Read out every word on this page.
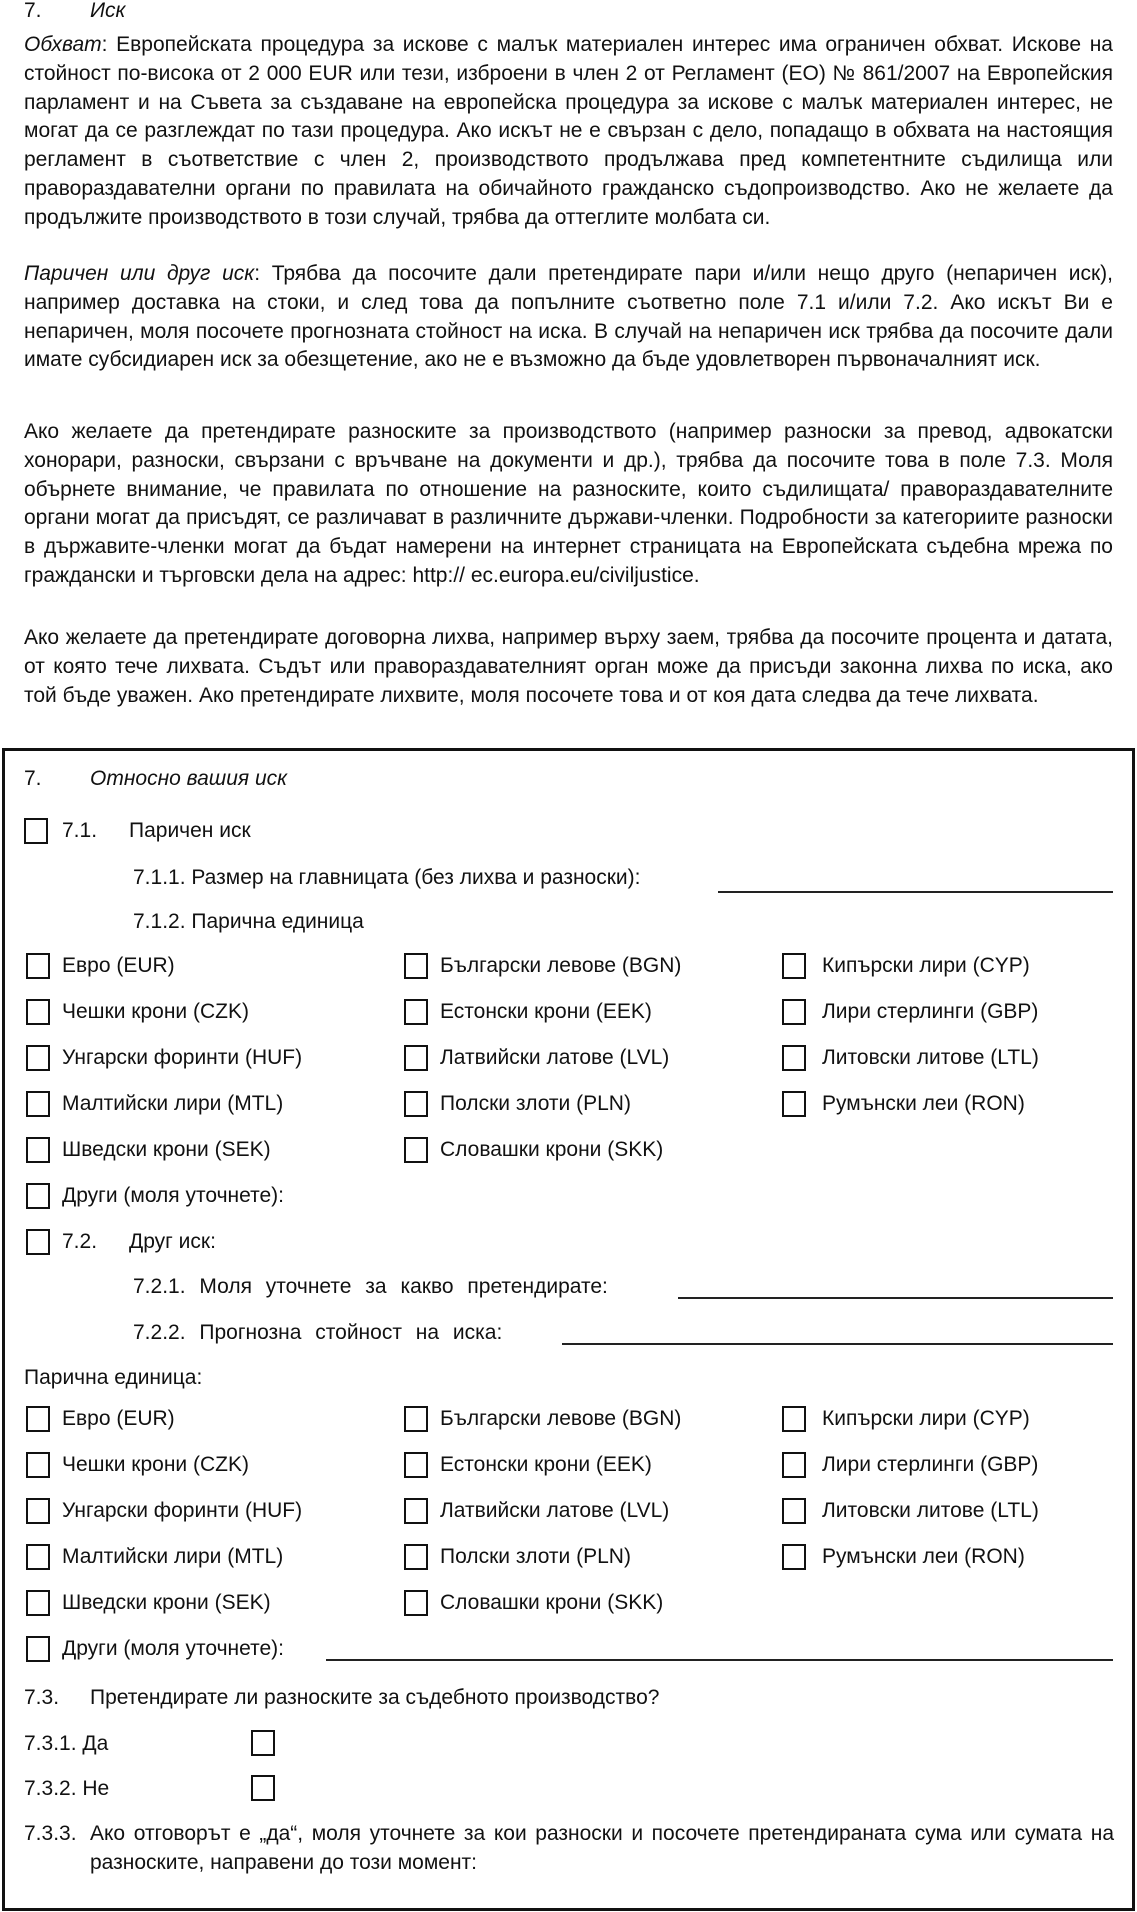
7. Иск

Обхват: Европейската процедура за искове с малък материален интерес има ограничен обхват. Искове на стойност по-висока от 2 000 EUR или тези, изброени в член 2 от Регламент (ЕО) № 861/2007 на Европейския парламент и на Съвета за създаване на европейска процедура за искове с малък материален интерес, не могат да се разглеждат по тази процедура. Ако искът не е свързан с дело, попадащо в обхвата на настоящия регламент в съответствие с член 2, производството продължава пред компетентните съдилища или правораздавателни органи по правилата на обичайното гражданско съдопроизводство. Ако не желаете да продължите производството в този случай, трябва да оттеглите молбата си.

Паричен или друг иск: Трябва да посочите дали претендирате пари и/или нещо друго (непаричен иск), например доставка на стоки, и след това да попълните съответно поле 7.1 и/или 7.2. Ако искът Ви е непаричен, моля посочете прогнозната стойност на иска. В случай на непаричен иск трябва да посочите дали имате субсидиарен иск за обезщетение, ако не е възможно да бъде удовлетворен първоначалният иск.

Ако желаете да претендирате разноските за производството (например разноски за превод, адвокатски хонорари, разноски, свързани с връчване на документи и др.), трябва да посочите това в поле 7.3. Моля обърнете внимание, че правилата по отношение на разноските, които съдилищата/ правораздавателните органи могат да присъдят, се различават в различните държави-членки. Подробности за категориите разноски в държавите-членки могат да бъдат намерени на интернет страницата на Европейската съдебна мрежа по граждански и търговски дела на адрес: http:// ec.europa.eu/civiljustice.

Ако желаете да претендирате договорна лихва, например върху заем, трябва да посочите процента и датата, от която тече лихвата. Съдът или правораздавателният орган може да присъди законна лихва по иска, ако той бъде уважен. Ако претендирате лихвите, моля посочете това и от коя дата следва да тече лихвата.

7. Относно вашия иск
7.1. Паричен иск
7.1.1. Размер на главницата (без лихва и разноски):
7.1.2. Парична единица
Евро (EUR)	Български левове (BGN)	Кипърски лири (CYP)
Чешки крони (CZK)	Естонски крони (EEK)	Лири стерлинги (GBP)
Унгарски форинти (HUF)	Латвийски латове (LVL)	Литовски литове (LTL)
Малтийски лири (MTL)	Полски злоти (PLN)	Румънски леи (RON)
Шведски крони (SEK)	Словашки крони (SKK)
Други (моля уточнете):
7.2. Друг иск:
7.2.1. Моля уточнете за какво претендирате:
7.2.2. Прогнозна стойност на иска:
Парична единица:
Евро (EUR)	Български левове (BGN)	Кипърски лири (CYP)
Чешки крони (CZK)	Естонски крони (EEK)	Лири стерлинги (GBP)
Унгарски форинти (HUF)	Латвийски латове (LVL)	Литовски литове (LTL)
Малтийски лири (MTL)	Полски злоти (PLN)	Румънски леи (RON)
Шведски крони (SEK)	Словашки крони (SKK)
Други (моля уточнете):
7.3. Претендирате ли разноските за съдебното производство?
7.3.1. Да
7.3.2. Не
7.3.3. Ако отговорът е „да“, моля уточнете за кои разноски и посочете претендираната сума или сумата на разноските, направени до този момент:
